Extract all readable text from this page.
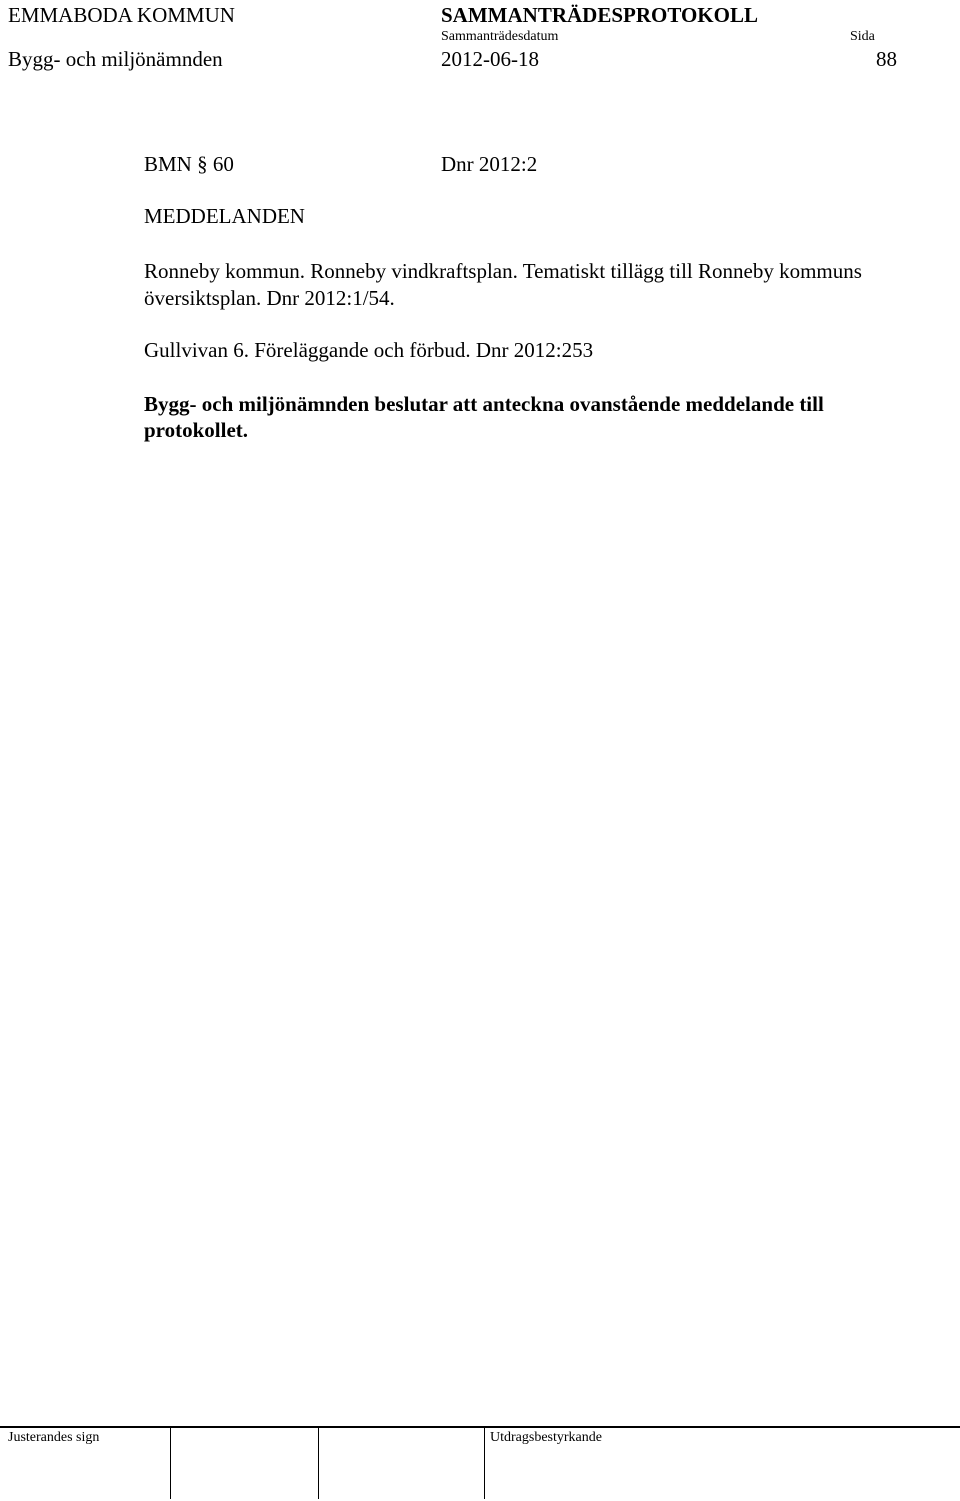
EMMABODA KOMMUN	SAMMANTRÄDESPROTOKOLL
Sammanträdesdatum	Sida
Bygg- och miljönämnden	2012-06-18	88
BMN § 60	Dnr 2012:2
MEDDELANDEN
Ronneby kommun. Ronneby vindkraftsplan. Tematiskt tillägg till Ronneby kommuns översiktsplan. Dnr 2012:1/54.
Gullvivan 6. Föreläggande och förbud. Dnr 2012:253
Bygg- och miljönämnden beslutar att anteckna ovanstående meddelande till protokollet.
Justerandes sign	Utdragsbestyrkande
